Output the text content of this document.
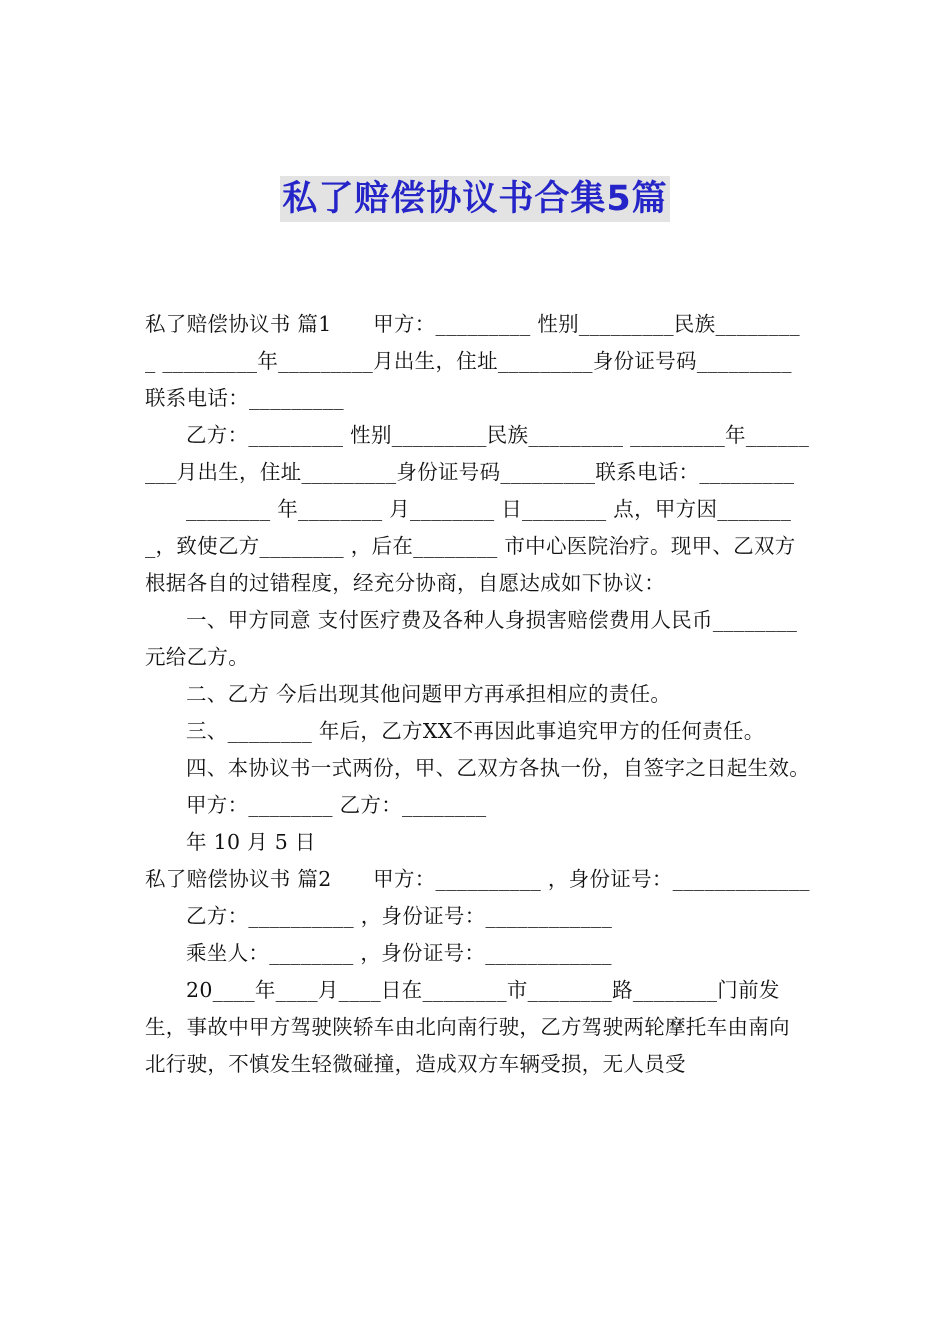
私了赔偿协议书合集5篇

私了赔偿协议书 篇1　　甲方：_________ 性别_________民族_________ _________年_________月出生，住址_________身份证号码_________联系电话：_________

乙方：_________ 性别_________民族_________ _________年_________月出生，住址_________身份证号码_________联系电话：_________

________ 年________ 月________ 日________ 点，甲方因________，致使乙方________ ，后在________ 市中心医院治疗。现甲、乙双方根据各自的过错程度，经充分协商，自愿达成如下协议：

一、甲方同意 支付医疗费及各种人身损害赔偿费用人民币________ 元给乙方。

二、乙方 今后出现其他问题甲方再承担相应的责任。

三、________ 年后，乙方XX不再因此事追究甲方的任何责任。

四、本协议书一式两份，甲、乙双方各执一份，自签字之日起生效。

甲方：________ 乙方：________

年 10 月 5 日

私了赔偿协议书 篇2　　甲方：__________ ，身份证号：_____________

乙方：__________ ，身份证号：____________

乘坐人：________ ，身份证号：____________

20____年____月____日在________市________路________门前发生，事故中甲方驾驶陕轿车由北向南行驶，乙方驾驶两轮摩托车由南向北行驶，不慎发生轻微碰撞，造成双方车辆受损，无人员受
